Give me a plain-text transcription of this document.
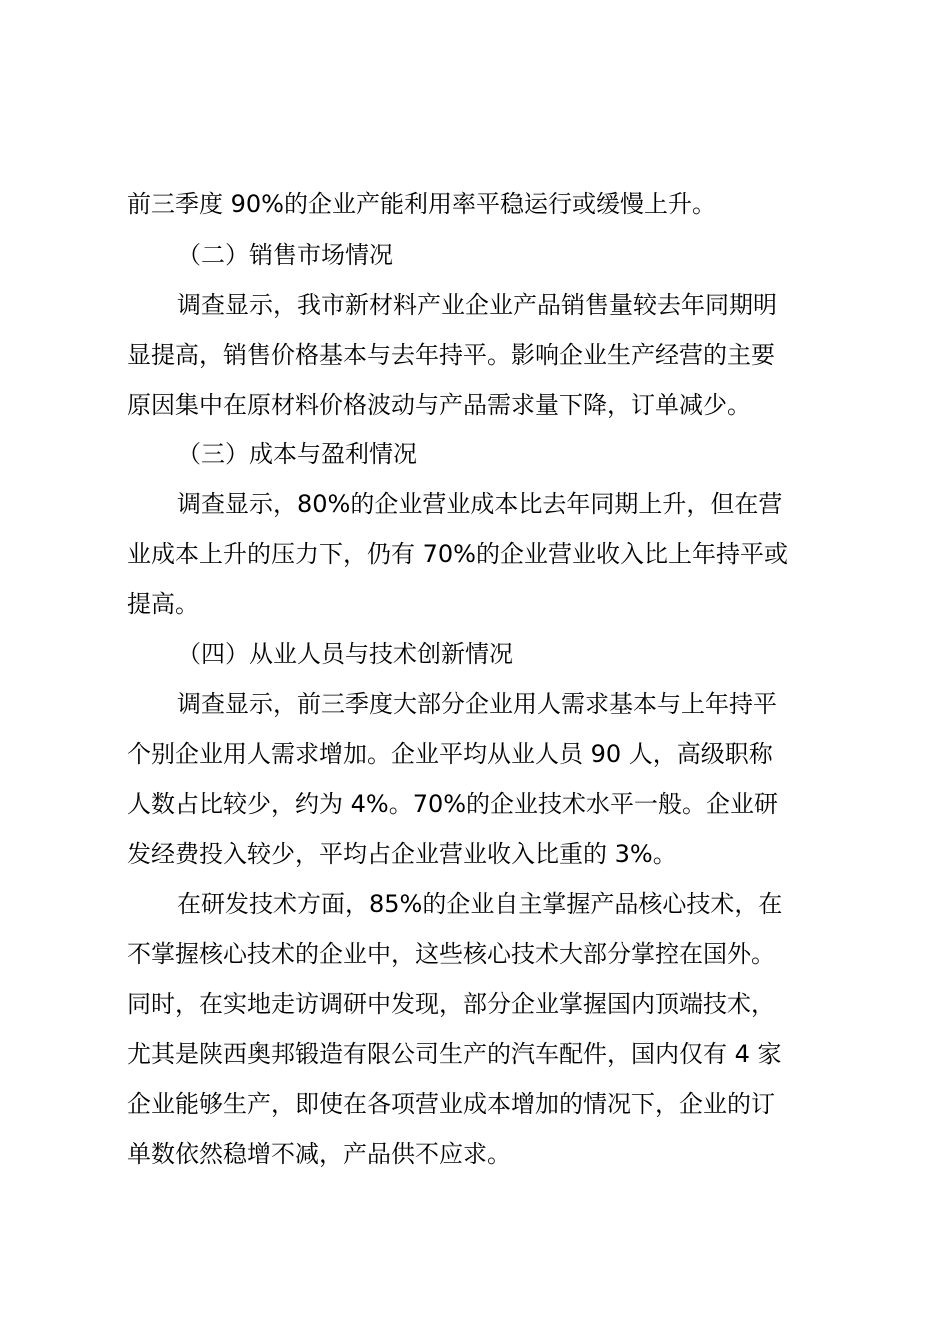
前三季度 90%的企业产能利用率平稳运行或缓慢上升。
（二）销售市场情况
调查显示，我市新材料产业企业产品销售量较去年同期明
显提高，销售价格基本与去年持平。影响企业生产经营的主要
原因集中在原材料价格波动与产品需求量下降，订单减少。
（三）成本与盈利情况
调查显示，80%的企业营业成本比去年同期上升，但在营
业成本上升的压力下，仍有 70%的企业营业收入比上年持平或
提高。
（四）从业人员与技术创新情况
调查显示，前三季度大部分企业用人需求基本与上年持平
个别企业用人需求增加。企业平均从业人员 90 人，高级职称
人数占比较少，约为 4%。70%的企业技术水平一般。企业研
发经费投入较少，平均占企业营业收入比重的 3%。
在研发技术方面，85%的企业自主掌握产品核心技术，在
不掌握核心技术的企业中，这些核心技术大部分掌控在国外。
同时，在实地走访调研中发现，部分企业掌握国内顶端技术，
尤其是陕西奥邦锻造有限公司生产的汽车配件，国内仅有 4 家
企业能够生产，即使在各项营业成本增加的情况下，企业的订
单数依然稳增不减，产品供不应求。
